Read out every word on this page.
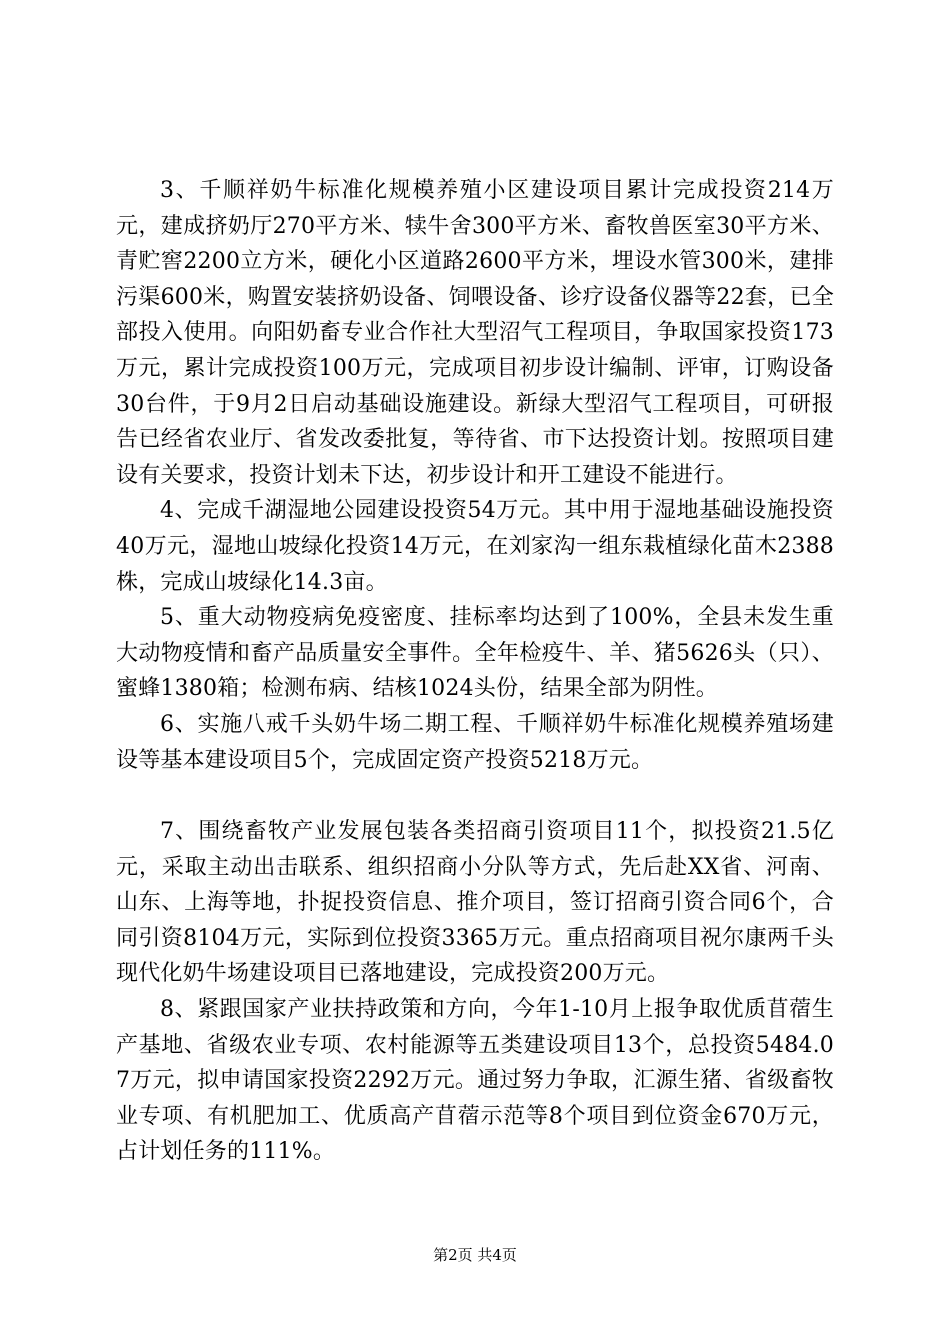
3、千顺祥奶牛标准化规模养殖小区建设项目累计完成投资214万元，建成挤奶厅270平方米、犊牛舍300平方米、畜牧兽医室30平方米、青贮窖2200立方米，硬化小区道路2600平方米，埋设水管300米，建排污渠600米，购置安装挤奶设备、饲喂设备、诊疗设备仪器等22套，已全部投入使用。向阳奶畜专业合作社大型沼气工程项目，争取国家投资173万元，累计完成投资100万元，完成项目初步设计编制、评审，订购设备30台件，于9月2日启动基础设施建设。新绿大型沼气工程项目，可研报告已经省农业厅、省发改委批复，等待省、市下达投资计划。按照项目建设有关要求，投资计划未下达，初步设计和开工建设不能进行。

4、完成千湖湿地公园建设投资54万元。其中用于湿地基础设施投资40万元，湿地山坡绿化投资14万元，在刘家沟一组东栽植绿化苗木2388株，完成山坡绿化14.3亩。

5、重大动物疫病免疫密度、挂标率均达到了100%，全县未发生重大动物疫情和畜产品质量安全事件。全年检疫牛、羊、猪5626头（只）、蜜蜂1380箱；检测布病、结核1024头份，结果全部为阴性。

6、实施八戒千头奶牛场二期工程、千顺祥奶牛标准化规模养殖场建设等基本建设项目5个，完成固定资产投资5218万元。

7、围绕畜牧产业发展包装各类招商引资项目11个，拟投资21.5亿元，采取主动出击联系、组织招商小分队等方式，先后赴XX省、河南、山东、上海等地，扑捉投资信息、推介项目，签订招商引资合同6个，合同引资8104万元，实际到位投资3365万元。重点招商项目祝尔康两千头现代化奶牛场建设项目已落地建设，完成投资200万元。

8、紧跟国家产业扶持政策和方向，今年1-10月上报争取优质苜蓿生产基地、省级农业专项、农村能源等五类建设项目13个，总投资5484.07万元，拟申请国家投资2292万元。通过努力争取，汇源生猪、省级畜牧业专项、有机肥加工、优质高产苜蓿示范等8个项目到位资金670万元，占计划任务的111%。

第2页 共4页
